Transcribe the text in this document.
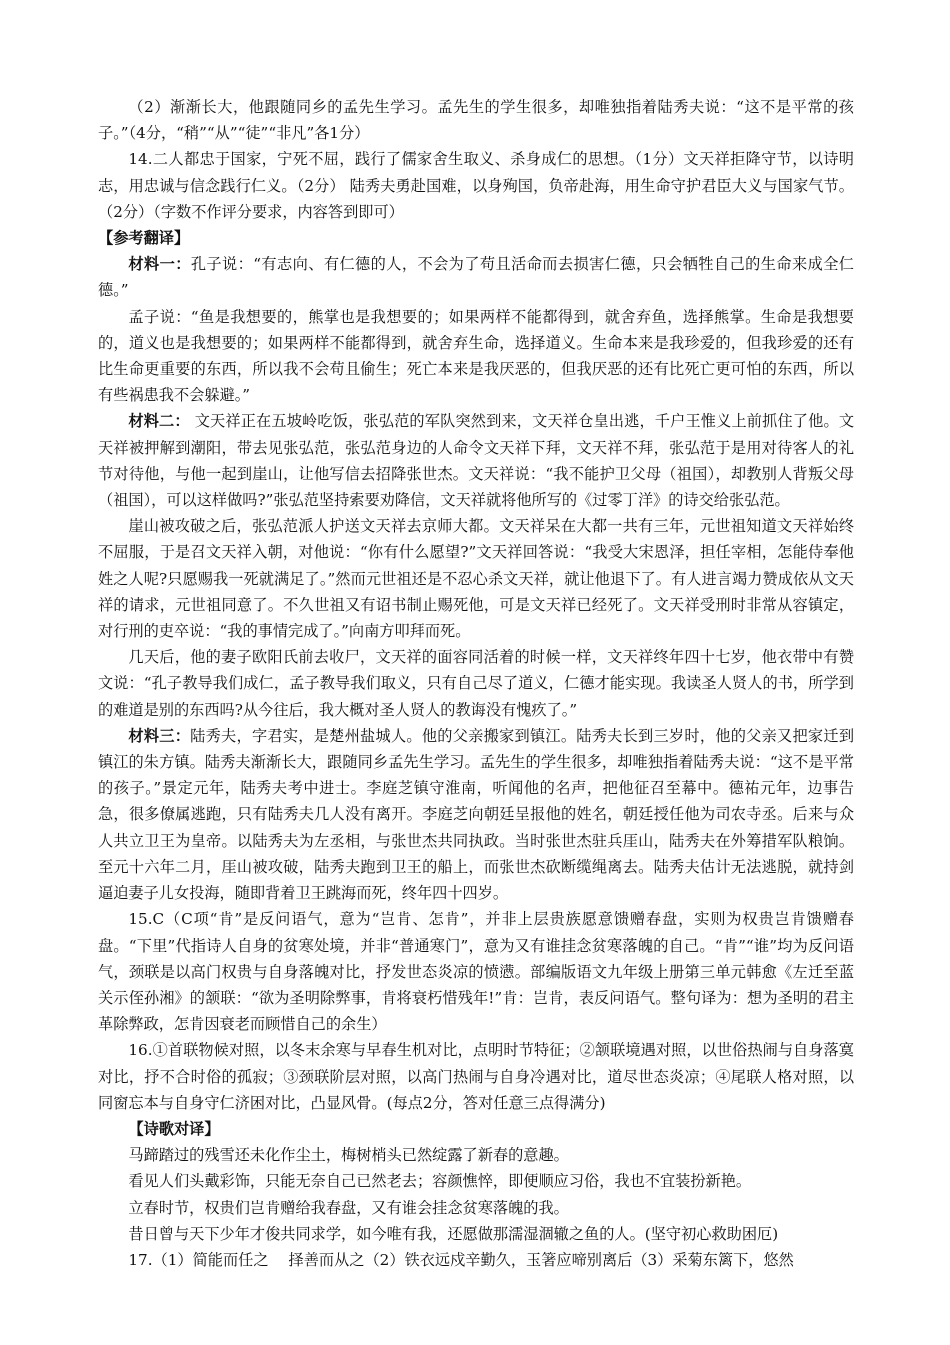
（2）渐渐长大，他跟随同乡的孟先生学习。孟先生的学生很多，却唯独指着陆秀夫说：“这不是平常的孩子。”（4分，“稍”“从”“徒”“非凡”各1分）

14.二人都忠于国家，宁死不屈，践行了儒家舍生取义、杀身成仁的思想。（1分）文天祥拒降守节，以诗明志，用忠诚与信念践行仁义。（2分） 陆秀夫勇赴国难，以身殉国，负帝赴海，用生命守护君臣大义与国家气节。（2分）（字数不作评分要求，内容答到即可）

【参考翻译】

材料一：孔子说：“有志向、有仁德的人，不会为了苟且活命而去损害仁德，只会牺牲自己的生命来成全仁德。”

孟子说：“鱼是我想要的，熊掌也是我想要的；如果两样不能都得到，就舍弃鱼，选择熊掌。生命是我想要的，道义也是我想要的；如果两样不能都得到，就舍弃生命，选择道义。生命本来是我珍爱的，但我珍爱的还有比生命更重要的东西，所以我不会苟且偷生；死亡本来是我厌恶的，但我厌恶的还有比死亡更可怕的东西，所以有些祸患我不会躲避。”

材料二： 文天祥正在五坡岭吃饭，张弘范的军队突然到来，文天祥仓皇出逃，千户王惟义上前抓住了他。文天祥被押解到潮阳，带去见张弘范，张弘范身边的人命令文天祥下拜，文天祥不拜，张弘范于是用对待客人的礼节对待他，与他一起到崖山，让他写信去招降张世杰。文天祥说：“我不能护卫父母（祖国），却教别人背叛父母（祖国），可以这样做吗?”张弘范坚持索要劝降信，文天祥就将他所写的《过零丁洋》的诗交给张弘范。

崖山被攻破之后，张弘范派人护送文天祥去京师大都。文天祥呆在大都一共有三年，元世祖知道文天祥始终不屈服，于是召文天祥入朝，对他说：“你有什么愿望?”文天祥回答说：“我受大宋恩泽，担任宰相，怎能侍奉他姓之人呢?只愿赐我一死就满足了。”然而元世祖还是不忍心杀文天祥，就让他退下了。有人进言竭力赞成依从文天祥的请求，元世祖同意了。不久世祖又有诏书制止赐死他，可是文天祥已经死了。文天祥受刑时非常从容镇定，对行刑的吏卒说：“我的事情完成了。”向南方叩拜而死。

几天后，他的妻子欧阳氏前去收尸，文天祥的面容同活着的时候一样，文天祥终年四十七岁，他衣带中有赞文说：“孔子教导我们成仁，孟子教导我们取义，只有自己尽了道义，仁德才能实现。我读圣人贤人的书，所学到的难道是别的东西吗?从今往后，我大概对圣人贤人的教诲没有愧疚了。”

材料三：陆秀夫，字君实，是楚州盐城人。他的父亲搬家到镇江。陆秀夫长到三岁时，他的父亲又把家迁到镇江的朱方镇。陆秀夫渐渐长大，跟随同乡孟先生学习。孟先生的学生很多，却唯独指着陆秀夫说：“这不是平常的孩子。”景定元年，陆秀夫考中进士。李庭芝镇守淮南，听闻他的名声，把他征召至幕中。德祐元年，边事告急，很多僚属逃跑，只有陆秀夫几人没有离开。李庭芝向朝廷呈报他的姓名，朝廷授任他为司农寺丞。后来与众人共立卫王为皇帝。以陆秀夫为左丞相，与张世杰共同执政。当时张世杰驻兵厓山，陆秀夫在外筹措军队粮饷。至元十六年二月，厓山被攻破，陆秀夫跑到卫王的船上，而张世杰砍断缆绳离去。陆秀夫估计无法逃脱，就持剑逼迫妻子儿女投海，随即背着卫王跳海而死，终年四十四岁。

15.C（C项“肯”是反问语气，意为“岂肯、怎肯”，并非上层贵族愿意馈赠春盘，实则为权贵岂肯馈赠春盘。“下里”代指诗人自身的贫寒处境，并非“普通寒门”，意为又有谁挂念贫寒落魄的自己。“肯”“谁”均为反问语气，颈联是以高门权贵与自身落魄对比，抒发世态炎凉的愤懑。部编版语文九年级上册第三单元韩愈《左迁至蓝关示侄孙湘》的颔联：“欲为圣明除弊事，肯将衰朽惜残年!”肯：岂肯，表反问语气。整句译为：想为圣明的君主革除弊政，怎肯因衰老而顾惜自己的余生）

16.①首联物候对照，以冬末余寒与早春生机对比，点明时节特征；②颔联境遇对照，以世俗热闹与自身落寞对比，抒不合时俗的孤寂；③颈联阶层对照，以高门热闹与自身冷遇对比，道尽世态炎凉；④尾联人格对照，以同窗忘本与自身守仁济困对比，凸显风骨。(每点2分，答对任意三点得满分)

【诗歌对译】

马蹄踏过的残雪还未化作尘土，梅树梢头已然绽露了新春的意趣。

看见人们头戴彩饰，只能无奈自己已然老去；容颜憔悴，即便顺应习俗，我也不宜装扮新艳。

立春时节，权贵们岂肯赠给我春盘，又有谁会挂念贫寒落魄的我。

昔日曾与天下少年才俊共同求学，如今唯有我，还愿做那濡湿涸辙之鱼的人。(坚守初心救助困厄)

17.（1）简能而任之　 择善而从之（2）铁衣远戍辛勤久，玉箸应啼别离后（3）采菊东篱下，悠然
